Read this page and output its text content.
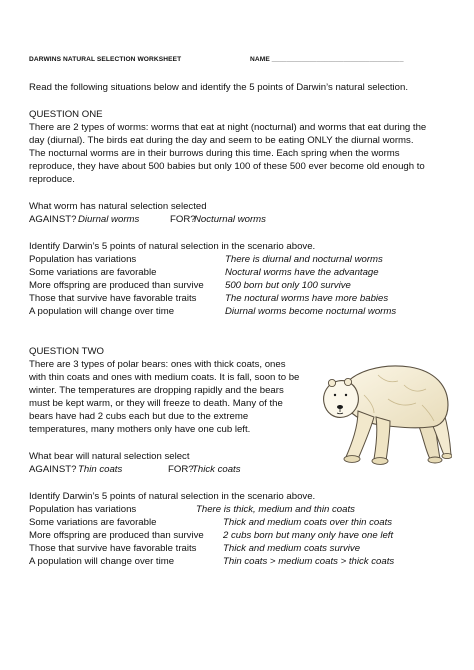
DARWINS NATURAL SELECTION WORKSHEET	NAME ___________________________________
Read the following situations below and identify the 5 points of Darwin’s natural selection.
QUESTION ONE
There are 2 types of worms: worms that eat at night (nocturnal) and worms that eat during the
day (diurnal). The birds eat during the day and seem to be eating ONLY the diurnal worms.
The nocturnal worms are in their burrows during this time. Each spring when the worms
reproduce, they have about 500 babies but only 100 of these 500 ever become old enough to
reproduce.
What worm has natural selection selected
AGAINST? Diurnal worms	FOR?
Nocturnal worms
Identify Darwin’s 5 points of natural selection in the scenario above.
Population has variations	There is diurnal and nocturnal worms
Some variations are favorable	Noctural worms have the advantage
More offspring are produced than survive 500 born but only 100 survive
Those that survive have favorable traits	The noctural worms have more babies
A population will change over time	Diurnal worms become nocturnal worms
QUESTION TWO
There are 3 types of polar bears: ones with thick coats, ones
with thin coats and ones with medium coats. It is fall, soon to be
winter. The temperatures are dropping rapidly and the bears
must be kept warm, or they will freeze to death. Many of the
bears have had 2 cubs each but due to the extreme
temperatures, many mothers only have one cub left.
What bear will natural selection select
AGAINST? Thin coats	FOR?
Thick coats
Identify Darwin’s 5 points of natural selection in the scenario above.
Population has variations	There is thick, medium and thin coats
Some variations are favorable	Thick and medium coats over thin coats
More offspring are produced than survive 2 cubs born but many only have one left
Those that survive have favorable traits	Thick and medium coats survive
A population will change over time	Thin coats > medium coats > thick coats
